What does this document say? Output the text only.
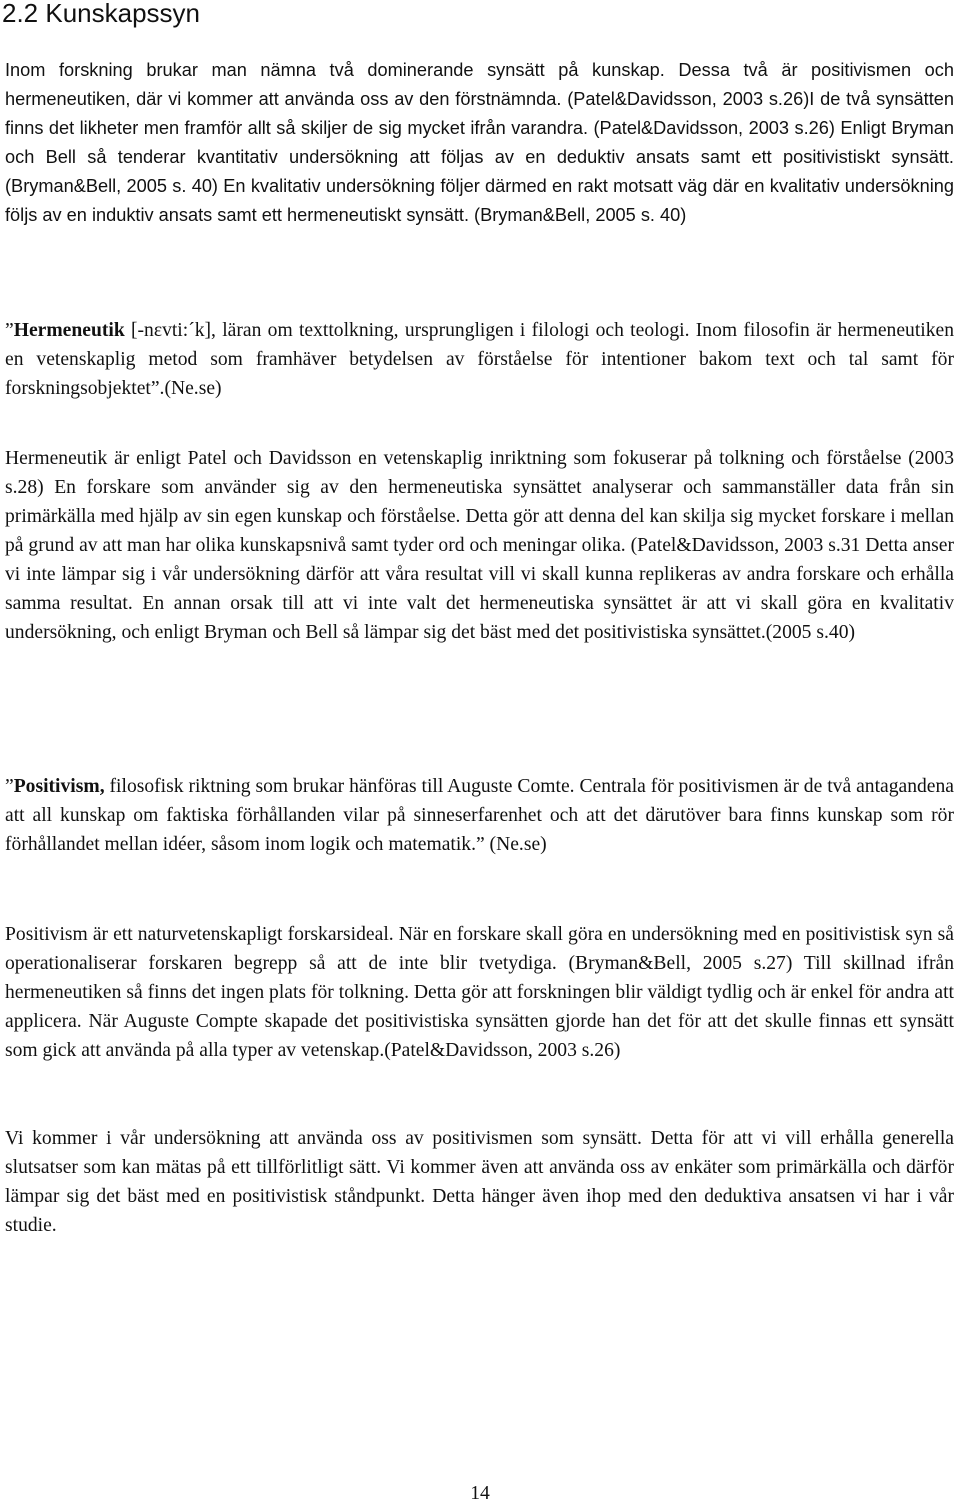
2.2 Kunskapssyn

Inom forskning brukar man nämna två dominerande synsätt på kunskap. Dessa två är positivismen och hermeneutiken, där vi kommer att använda oss av den förstnämnda. (Patel&Davidsson, 2003 s.26)I de två synsätten finns det likheter men framför allt så skiljer de sig mycket ifrån varandra. (Patel&Davidsson, 2003 s.26) Enligt Bryman och Bell så tenderar kvantitativ undersökning att följas av en deduktiv ansats samt ett positivistiskt synsätt. (Bryman&Bell, 2005 s. 40) En kvalitativ undersökning följer därmed en rakt motsatt väg där en kvalitativ undersökning följs av en induktiv ansats samt ett hermeneutiskt synsätt. (Bryman&Bell, 2005 s. 40)

”Hermeneutik [-nεvti:´k], läran om texttolkning, ursprungligen i filologi och teologi. Inom filosofin är hermeneutiken en vetenskaplig metod som framhäver betydelsen av förståelse för intentioner bakom text och tal samt för forskningsobjektet”.(Ne.se)

Hermeneutik är enligt Patel och Davidsson en vetenskaplig inriktning som fokuserar på tolkning och förståelse (2003 s.28) En forskare som använder sig av den hermeneutiska synsättet analyserar och sammanställer data från sin primärkälla med hjälp av sin egen kunskap och förståelse. Detta gör att denna del kan skilja sig mycket forskare i mellan på grund av att man har olika kunskapsnivå samt tyder ord och meningar olika. (Patel&Davidsson, 2003 s.31 Detta anser vi inte lämpar sig i vår undersökning därför att våra resultat vill vi skall kunna replikeras av andra forskare och erhålla samma resultat. En annan orsak till att vi inte valt det hermeneutiska synsättet är att vi skall göra en kvalitativ undersökning, och enligt Bryman och Bell så lämpar sig det bäst med det positivistiska synsättet.(2005 s.40)

”Positivism, filosofisk riktning som brukar hänföras till Auguste Comte. Centrala för positivismen är de två antagandena att all kunskap om faktiska förhållanden vilar på sinneserfarenhet och att det därutöver bara finns kunskap som rör förhållandet mellan idéer, såsom inom logik och matematik.” (Ne.se)

Positivism är ett naturvetenskapligt forskarsideal. När en forskare skall göra en undersökning med en positivistisk syn så operationaliserar forskaren begrepp så att de inte blir tvetydiga. (Bryman&Bell, 2005 s.27) Till skillnad ifrån hermeneutiken så finns det ingen plats för tolkning. Detta gör att forskningen blir väldigt tydlig och är enkel för andra att applicera. När Auguste Compte skapade det positivistiska synsätten gjorde han det för att det skulle finnas ett synsätt som gick att använda på alla typer av vetenskap.(Patel&Davidsson, 2003 s.26)

Vi kommer i vår undersökning att använda oss av positivismen som synsätt. Detta för att vi vill erhålla generella slutsatser som kan mätas på ett tillförlitligt sätt. Vi kommer även att använda oss av enkäter som primärkälla och därför lämpar sig det bäst med en positivistisk ståndpunkt. Detta hänger även ihop med den deduktiva ansatsen vi har i vår studie.

14
